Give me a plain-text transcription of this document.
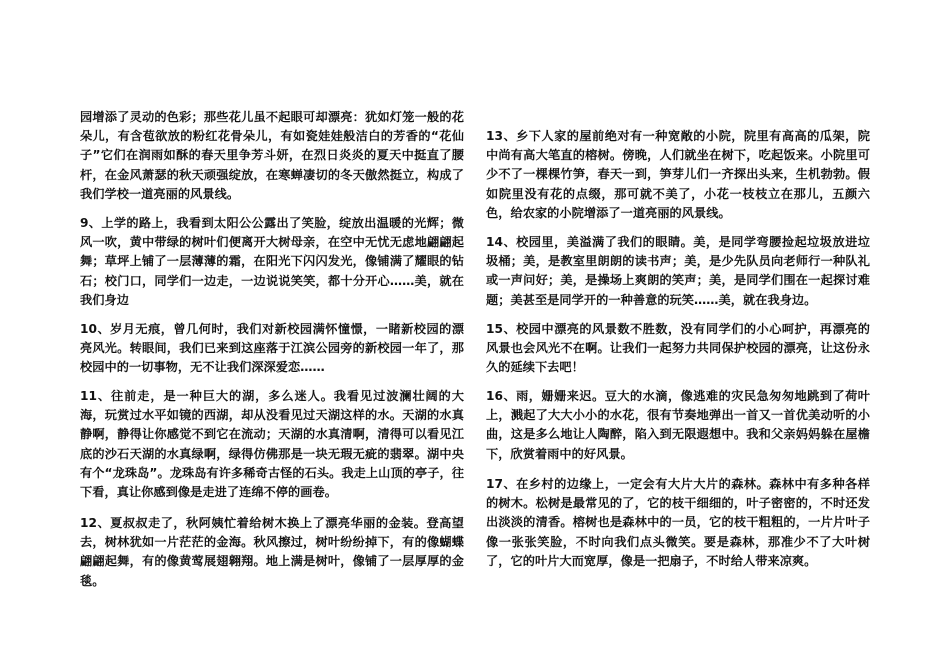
园增添了灵动的色彩；那些花儿虽不起眼可却漂亮：犹如灯笼一般的花朵儿，有含苞欲放的粉红花骨朵儿，有如瓷娃娃般洁白的芳香的“花仙子”它们在润雨如酥的春天里争芳斗妍，在烈日炎炎的夏天中挺直了腰杆，在金风萧瑟的秋天顽强绽放，在寒蝉凄切的冬天傲然挺立，构成了我们学校一道亮丽的风景线。

9、上学的路上，我看到太阳公公露出了笑脸，绽放出温暖的光辉；微风一吹，黄中带绿的树叶们便离开大树母亲，在空中无忧无虑地翩翩起舞；草坪上铺了一层薄薄的霜，在阳光下闪闪发光，像铺满了耀眼的钻石；校门口，同学们一边走，一边说说笑笑，都十分开心……美，就在我们身边

10、岁月无痕，曾几何时，我们对新校园满怀憧憬，一睹新校园的漂亮风光。转眼间，我们已来到这座落于江滨公园旁的新校园一年了，那校园中的一切事物，无不让我们深深爱恋……

11、往前走，是一种巨大的湖，多么迷人。我看见过波澜壮阔的大海，玩赏过水平如镜的西湖，却从没看见过天湖这样的水。天湖的水真静啊，静得让你感觉不到它在流动；天湖的水真清啊，清得可以看见江底的沙石天湖的水真绿啊，绿得仿佛那是一块无瑕无疵的翡翠。湖中央有个“龙珠岛”。龙珠岛有许多稀奇古怪的石头。我走上山顶的亭子，往下看，真让你感到像是走进了连绵不停的画卷。

12、夏叔叔走了，秋阿姨忙着给树木换上了漂亮华丽的金装。登高望去，树林犹如一片茫茫的金海。秋风擦过，树叶纷纷掉下，有的像蝴蝶翩翩起舞，有的像黄莺展翅翱翔。地上满是树叶，像铺了一层厚厚的金毯。

13、乡下人家的屋前绝对有一种宽敞的小院，院里有高高的瓜架，院中尚有高大笔直的榕树。傍晚，人们就坐在树下，吃起饭来。小院里可少不了一棵棵竹笋，春天一到，笋芽儿们一齐探出头来，生机勃勃。假如院里没有花的点缀，那可就不美了，小花一枝枝立在那儿，五颜六色，给农家的小院增添了一道亮丽的风景线。

14、校园里，美溢满了我们的眼睛。美，是同学弯腰捡起垃圾放进垃圾桶；美，是教室里朗朗的读书声；美，是少先队员向老师行一种队礼或一声问好；美，是操场上爽朗的笑声；美，是同学们围在一起探讨难题；美甚至是同学开的一种善意的玩笑……美，就在我身边。

15、校园中漂亮的风景数不胜数，没有同学们的小心呵护，再漂亮的风景也会风光不在啊。让我们一起努力共同保护校园的漂亮，让这份永久的延续下去吧！

16、雨，姗姗来迟。豆大的水滴，像逃难的灾民急匆匆地跳到了荷叶上，溅起了大大小小的水花，很有节奏地弹出一首又一首优美动听的小曲，这是多么地让人陶醉，陷入到无限遐想中。我和父亲妈妈躲在屋檐下，欣赏着雨中的好风景。

17、在乡村的边缘上，一定会有大片大片的森林。森林中有多种各样的树木。松树是最常见的了，它的枝干细细的，叶子密密的，不时还发出淡淡的清香。榕树也是森林中的一员，它的枝干粗粗的，一片片叶子像一张张笑脸，不时向我们点头微笑。要是森林，那准少不了大叶树了，它的叶片大而宽厚，像是一把扇子，不时给人带来凉爽。
